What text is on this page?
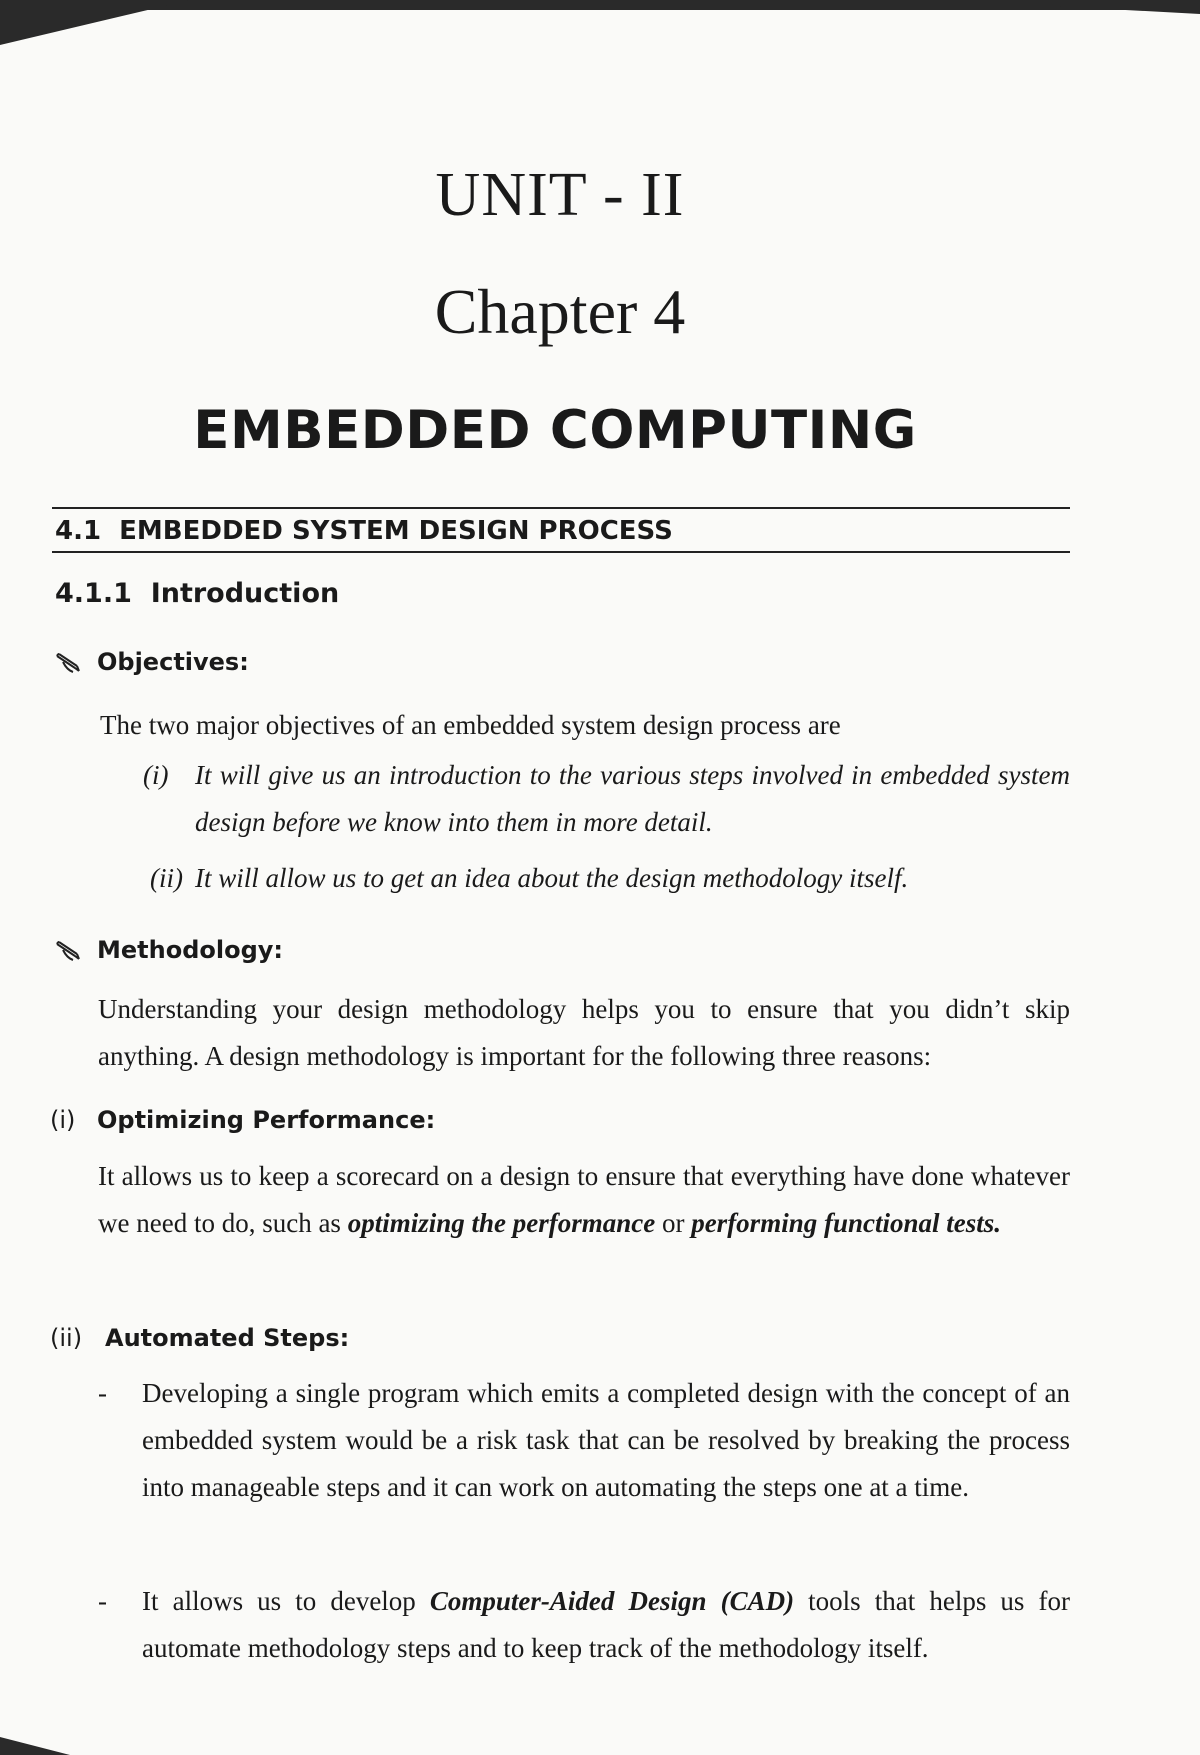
UNIT - II
Chapter 4
EMBEDDED COMPUTING
4.1 EMBEDDED SYSTEM DESIGN PROCESS
4.1.1 Introduction
Objectives:
The two major objectives of an embedded system design process are
(i) It will give us an introduction to the various steps involved in embedded system design before we know into them in more detail.
(ii) It will allow us to get an idea about the design methodology itself.
Methodology:
Understanding your design methodology helps you to ensure that you didn’t skip anything. A design methodology is important for the following three reasons:
(i) Optimizing Performance:
It allows us to keep a scorecard on a design to ensure that everything have done whatever we need to do, such as optimizing the performance or performing functional tests.
(ii) Automated Steps:
- Developing a single program which emits a completed design with the concept of an embedded system would be a risk task that can be resolved by breaking the process into manageable steps and it can work on automating the steps one at a time.
- It allows us to develop Computer-Aided Design (CAD) tools that helps us for automate methodology steps and to keep track of the methodology itself.
